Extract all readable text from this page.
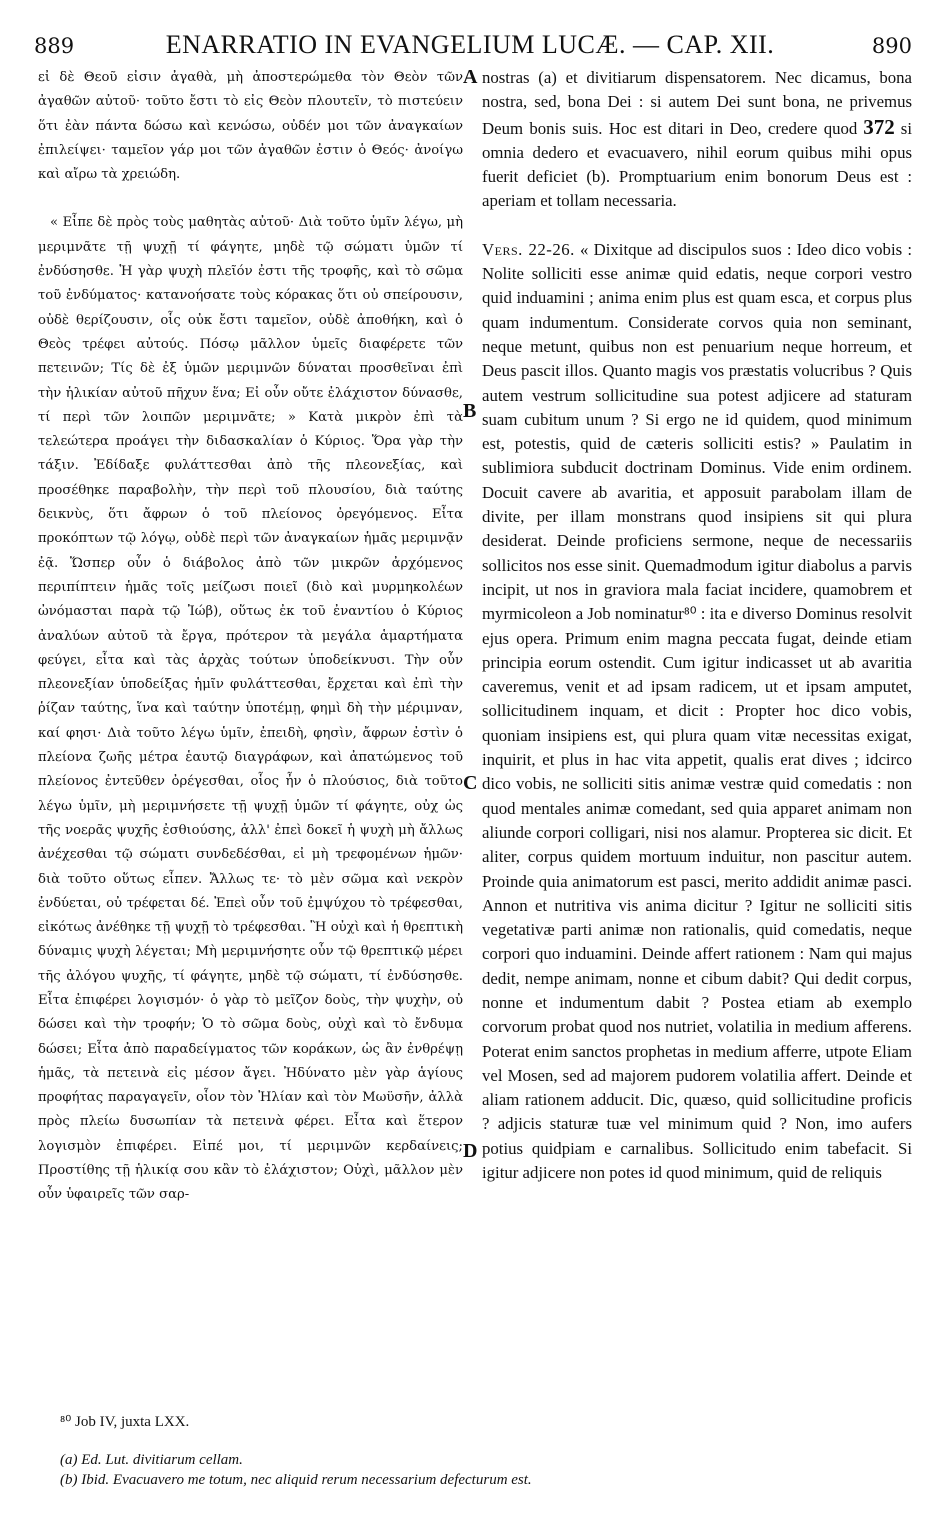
889	ENARRATIO IN EVANGELIUM LUCÆ. — CAP. XII.	890

εἰ δὲ Θεοῦ εἰσιν ἀγαθὰ, μὴ ἀποστερώμεθα τὸν Θεὸν τῶν ἀγαθῶν αὐτοῦ· τοῦτο ἔστι τὸ εἰς Θεὸν πλουτεῖν, τὸ πιστεύειν ὅτι ἐὰν πάντα δώσω καὶ κενώσω, οὐδέν μοι τῶν ἀναγκαίων ἐπιλείψει· ταμεῖον γάρ μοι τῶν ἀγαθῶν ἐστιν ὁ Θεός· ἀνοίγω καὶ αἴρω τὰ χρειώδη.

« Εἶπε δὲ πρὸς τοὺς μαθητὰς αὐτοῦ· Διὰ τοῦτο ὑμῖν λέγω, μὴ μεριμνᾶτε τῇ ψυχῇ τί φάγητε, μηδὲ τῷ σώματι ὑμῶν τί ἐνδύσησθε. Ἡ γὰρ ψυχὴ πλεῖόν ἐστι τῆς τροφῆς, καὶ τὸ σῶμα τοῦ ἐνδύματος· κατανοήσατε τοὺς κόρακας ὅτι οὐ σπείρουσιν, οὐδὲ θερίζουσιν, οἷς οὐκ ἔστι ταμεῖον, οὐδὲ ἀποθήκη, καὶ ὁ Θεὸς τρέφει αὐτούς. Πόσῳ μᾶλλον ὑμεῖς διαφέρετε τῶν πετεινῶν; Τίς δὲ ἐξ ὑμῶν μεριμνῶν δύναται προσθεῖναι ἐπὶ τὴν ἡλικίαν αὐτοῦ πῆχυν ἕνα; Εἰ οὖν οὔτε ἐλάχιστον δύνασθε, τί περὶ τῶν λοιπῶν μεριμνᾶτε; » Κατὰ μικρὸν ἐπὶ τὰ τελεώτερα προάγει τὴν διδασκαλίαν ὁ Κύριος. Ὅρα γὰρ τὴν τάξιν. Ἐδίδαξε φυλάττεσθαι ἀπὸ τῆς πλεονεξίας, καὶ προσέθηκε παραβολὴν, τὴν περὶ τοῦ πλουσίου, διὰ ταύτης δεικνὺς, ὅτι ἄφρων ὁ τοῦ πλείονος ὀρεγόμενος. Εἶτα προκόπτων τῷ λόγῳ, οὐδὲ περὶ τῶν ἀναγκαίων ἡμᾶς μεριμνᾷν ἐᾷ. Ὥσπερ οὖν ὁ διάβολος ἀπὸ τῶν μικρῶν ἀρχόμενος περιπίπτειν ἡμᾶς τοῖς μείζωσι ποιεῖ (διὸ καὶ μυρμηκολέων ὠνόμασται παρὰ τῷ Ἰώβ), οὕτως ἐκ τοῦ ἐναντίου ὁ Κύριος ἀναλύων αὐτοῦ τὰ ἔργα, πρότερον τὰ μεγάλα ἁμαρτήματα φεύγει, εἶτα καὶ τὰς ἀρχὰς τούτων ὑποδείκνυσι. Τὴν οὖν πλεονεξίαν ὑποδείξας ἡμῖν φυλάττεσθαι, ἔρχεται καὶ ἐπὶ τὴν ῥίζαν ταύτης, ἵνα καὶ ταύτην ὑποτέμῃ, φημὶ δὴ τὴν μέριμναν, καί φησι· Διὰ τοῦτο λέγω ὑμῖν, ἐπειδὴ, φησὶν, ἄφρων ἐστὶν ὁ πλείονα ζωῆς μέτρα ἑαυτῷ διαγράφων, καὶ ἀπατώμενος τοῦ πλείονος ἐντεῦθεν ὀρέγεσθαι, οἷος ἦν ὁ πλούσιος, διὰ τοῦτο λέγω ὑμῖν, μὴ μεριμνήσετε τῇ ψυχῇ ὑμῶν τί φάγητε, οὐχ ὡς τῆς νοερᾶς ψυχῆς ἐσθιούσης, ἀλλ' ἐπεὶ δοκεῖ ἡ ψυχὴ μὴ ἄλλως ἀνέχεσθαι τῷ σώματι συνδεδέσθαι, εἰ μὴ τρεφομένων ἡμῶν· διὰ τοῦτο οὕτως εἶπεν. Ἄλλως τε· τὸ μὲν σῶμα καὶ νεκρὸν ἐνδύεται, οὐ τρέφεται δέ. Ἐπεὶ οὖν τοῦ ἐμψύχου τὸ τρέφεσθαι, εἰκότως ἀνέθηκε τῇ ψυχῇ τὸ τρέφεσθαι. Ἢ οὐχὶ καὶ ἡ θρεπτικὴ δύναμις ψυχὴ λέγεται; Μὴ μεριμνήσητε οὖν τῷ θρεπτικῷ μέρει τῆς ἀλόγου ψυχῆς, τί φάγητε, μηδὲ τῷ σώματι, τί ἐνδύσησθε. Εἶτα ἐπιφέρει λογισμόν· ὁ γὰρ τὸ μεῖζον δοὺς, τὴν ψυχὴν, οὐ δώσει καὶ τὴν τροφήν; Ὁ τὸ σῶμα δοὺς, οὐχὶ καὶ τὸ ἔνδυμα δώσει; Εἶτα ἀπὸ παραδείγματος τῶν κοράκων, ὡς ἂν ἐνθρέψῃ ἡμᾶς, τὰ πετεινὰ εἰς μέσον ἄγει. Ἠδύνατο μὲν γὰρ ἁγίους προφήτας παραγαγεῖν, οἷον τὸν Ἠλίαν καὶ τὸν Μωϋσῆν, ἀλλὰ πρὸς πλείω δυσωπίαν τὰ πετεινὰ φέρει. Εἶτα καὶ ἕτερον λογισμὸν ἐπιφέρει. Εἰπέ μοι, τί μεριμνῶν κερδαίνεις; Προστίθης τῇ ἡλικίᾳ σου κἂν τὸ ἐλάχιστον; Οὐχὶ, μᾶλλον μὲν οὖν ὑφαιρεῖς τῶν σαρ-

A
B
C
D

nostras (a) et divitiarum dispensatorem. Nec dicamus, bona nostra, sed, bona Dei : si autem Dei sunt bona, ne privemus Deum bonis suis. Hoc est ditari in Deo, credere quod 372 si omnia dedero et evacuavero, nihil eorum quibus mihi opus fuerit deficiet (b). Promptuarium enim bonorum Deus est : aperiam et tollam necessaria.

Vers. 22-26. « Dixitque ad discipulos suos : Ideo dico vobis : Nolite solliciti esse animæ quid edatis, neque corpori vestro quid induamini ; anima enim plus est quam esca, et corpus plus quam indumentum. Considerate corvos quia non seminant, neque metunt, quibus non est penuarium neque horreum, et Deus pascit illos. Quanto magis vos præstatis volucribus ? Quis autem vestrum sollicitudine sua potest adjicere ad staturam suam cubitum unum ? Si ergo ne id quidem, quod minimum est, potestis, quid de cæteris solliciti estis? » Paulatim in sublimiora subducit doctrinam Dominus. Vide enim ordinem. Docuit cavere ab avaritia, et apposuit parabolam illam de divite, per illam monstrans quod insipiens sit qui plura desiderat. Deinde proficiens sermone, neque de necessariis sollicitos nos esse sinit. Quemadmodum igitur diabolus a parvis incipit, ut nos in graviora mala faciat incidere, quamobrem et myrmicoleon a Job nominatur⁸⁰ : ita e diverso Dominus resolvit ejus opera. Primum enim magna peccata fugat, deinde etiam principia eorum ostendit. Cum igitur indicasset ut ab avaritia caveremus, venit et ad ipsam radicem, ut et ipsam amputet, sollicitudinem inquam, et dicit : Propter hoc dico vobis, quoniam insipiens est, qui plura quam vitæ necessitas exigat, inquirit, et plus in hac vita appetit, qualis erat dives ; idcirco dico vobis, ne solliciti sitis animæ vestræ quid comedatis : non quod mentales animæ comedant, sed quia apparet animam non aliunde corpori colligari, nisi nos alamur. Propterea sic dicit. Et aliter, corpus quidem mortuum induitur, non pascitur autem. Proinde quia animatorum est pasci, merito addidit animæ pasci. Annon et nutritiva vis anima dicitur ? Igitur ne solliciti sitis vegetativæ parti animæ non rationalis, quid comedatis, neque corpori quo induamini. Deinde affert rationem : Nam qui majus dedit, nempe animam, nonne et cibum dabit? Qui dedit corpus, nonne et indumentum dabit ? Postea etiam ab exemplo corvorum probat quod nos nutriet, volatilia in medium afferens. Poterat enim sanctos prophetas in medium afferre, utpote Eliam vel Mosen, sed ad majorem pudorem volatilia affert. Deinde et aliam rationem adducit. Dic, quæso, quid sollicitudine proficis ? adjicis staturæ tuæ vel minimum quid ? Non, imo aufers potius quidpiam e carnalibus. Sollicitudo enim tabefacit. Si igitur adjicere non potes id quod minimum, quid de reliquis

⁸⁰ Job IV, juxta LXX.
(a) Ed. Lut. divitiarum cellam.
(b) Ibid. Evacuavero me totum, nec aliquid rerum necessarium defecturum est.
